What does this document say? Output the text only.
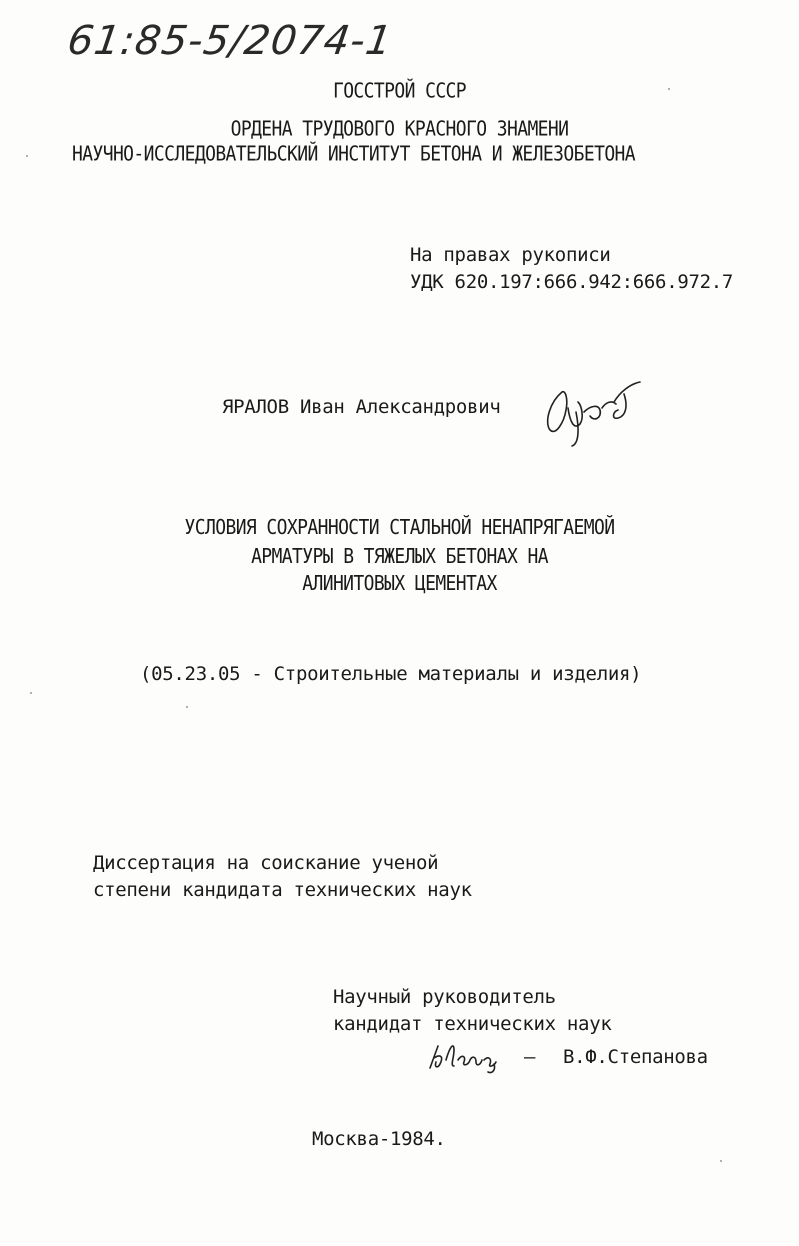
61:85-5/2074-1
ГОССТРОЙ СССР
ОРДЕНА ТРУДОВОГО КРАСНОГО ЗНАМЕНИ
НАУЧНО-ИССЛЕДОВАТЕЛЬСКИЙ ИНСТИТУТ БЕТОНА И ЖЕЛЕЗОБЕТОНА
На правах рукописи
УДК 620.197:666.942:666.972.7
ЯРАЛОВ Иван Александрович
УСЛОВИЯ СОХРАННОСТИ СТАЛЬНОЙ НЕНАПРЯГАЕМОЙ
АРМАТУРЫ В ТЯЖЕЛЫХ БЕТОНАХ НА
АЛИНИТОВЫХ ЦЕМЕНТАХ
(05.23.05 - Строительные материалы и изделия)
Диссертация на соискание ученой
степени кандидата технических наук
Научный руководитель
кандидат технических наук
— В.Ф.Степанова
Москва-1984.
